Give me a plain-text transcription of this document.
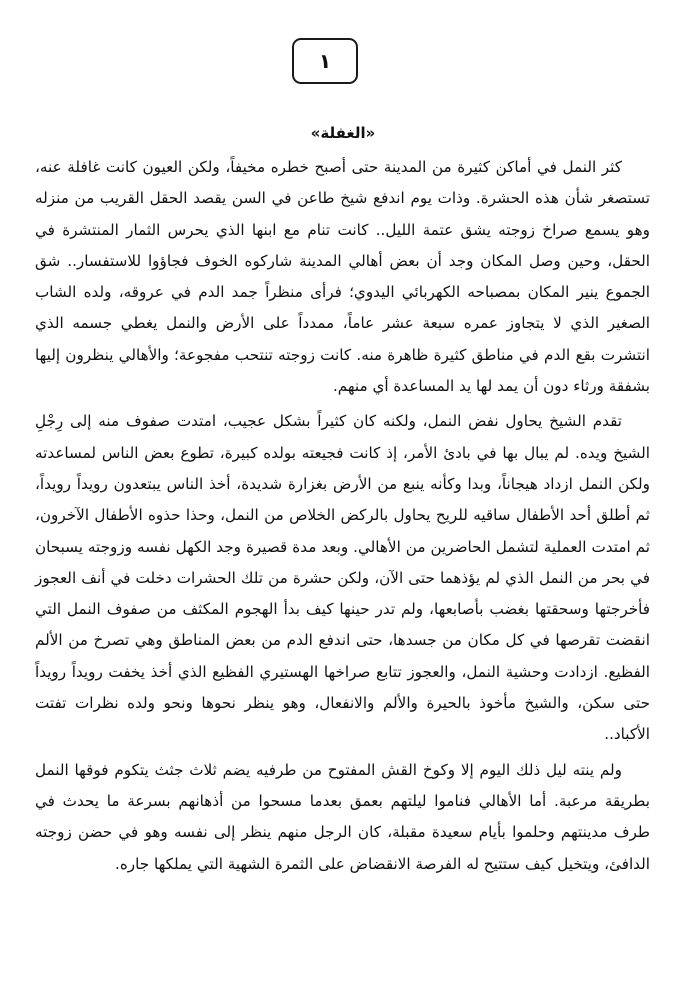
١
«الغفلة»

كثر النمل في أماكن كثيرة من المدينة حتى أصبح خطره مخيفاً، ولكن العيون كانت غافلة عنه، تستصغر شأن هذه الحشرة. وذات يوم اندفع شيخ طاعن في السن يقصد الحقل القريب من منزله وهو يسمع صراخ زوجته يشق عتمة الليل.. كانت تنام مع ابنها الذي يحرس الثمار المنتشرة في الحقل، وحين وصل المكان وجد أن بعض أهالي المدينة شاركوه الخوف فجاؤوا للاستفسار.. شق الجموع ينير المكان بمصباحه الكهربائي اليدوي؛ فرأى منظراً جمد الدم في عروقه، ولده الشاب الصغير الذي لا يتجاوز عمره سبعة عشر عاماً، ممدداً على الأرض والنمل يغطي جسمه الذي انتشرت بقع الدم في مناطق كثيرة ظاهرة منه. كانت زوجته تنتحب مفجوعة؛ والأهالي ينظرون إليها بشفقة ورثاء دون أن يمد لها يد المساعدة أي منهم.

تقدم الشيخ يحاول نفض النمل، ولكنه كان كثيراً بشكل عجيب، امتدت صفوف منه إلى رِجْلِ الشيخ ويده. لم يبال بها في بادئ الأمر، إذ كانت فجيعته بولده كبيرة، تطوع بعض الناس لمساعدته ولكن النمل ازداد هيجاناً، وبدا وكأنه ينبع من الأرض بغزارة شديدة، أخذ الناس يبتعدون رويداً رويداً، ثم أطلق أحد الأطفال ساقيه للريح يحاول بالركض الخلاص من النمل، وحذا حذوه الأطفال الآخرون، ثم امتدت العملية لتشمل الحاضرين من الأهالي. وبعد مدة قصيرة وجد الكهل نفسه وزوجته يسبحان في بحر من النمل الذي لم يؤذهما حتى الآن، ولكن حشرة من تلك الحشرات دخلت في أنف العجوز فأخرجتها وسحقتها بغضب بأصابعها، ولم تدر حينها كيف بدأ الهجوم المكثف من صفوف النمل التي انقضت تقرصها في كل مكان من جسدها، حتى اندفع الدم من بعض المناطق وهي تصرخ من الألم الفظيع. ازدادت وحشية النمل، والعجوز تتابع صراخها الهستيري الفظيع الذي أخذ يخفت رويداً رويداً حتى سكن، والشيخ مأخوذ بالحيرة والألم والانفعال، وهو ينظر نحوها ونحو ولده نظرات تفتت الأكباد..

ولم ينته ليل ذلك اليوم إلا وكوخ القش المفتوح من طرفيه يضم ثلاث جثث يتكوم فوقها النمل بطريقة مرعبة. أما الأهالي فناموا ليلتهم بعمق بعدما مسحوا من أذهانهم بسرعة ما يحدث في طرف مدينتهم وحلموا بأيام سعيدة مقبلة، كان الرجل منهم ينظر إلى نفسه وهو في حضن زوجته الدافئ، ويتخيل كيف ستتيح له الفرصة الانقضاض على الثمرة الشهية التي يملكها جاره.
